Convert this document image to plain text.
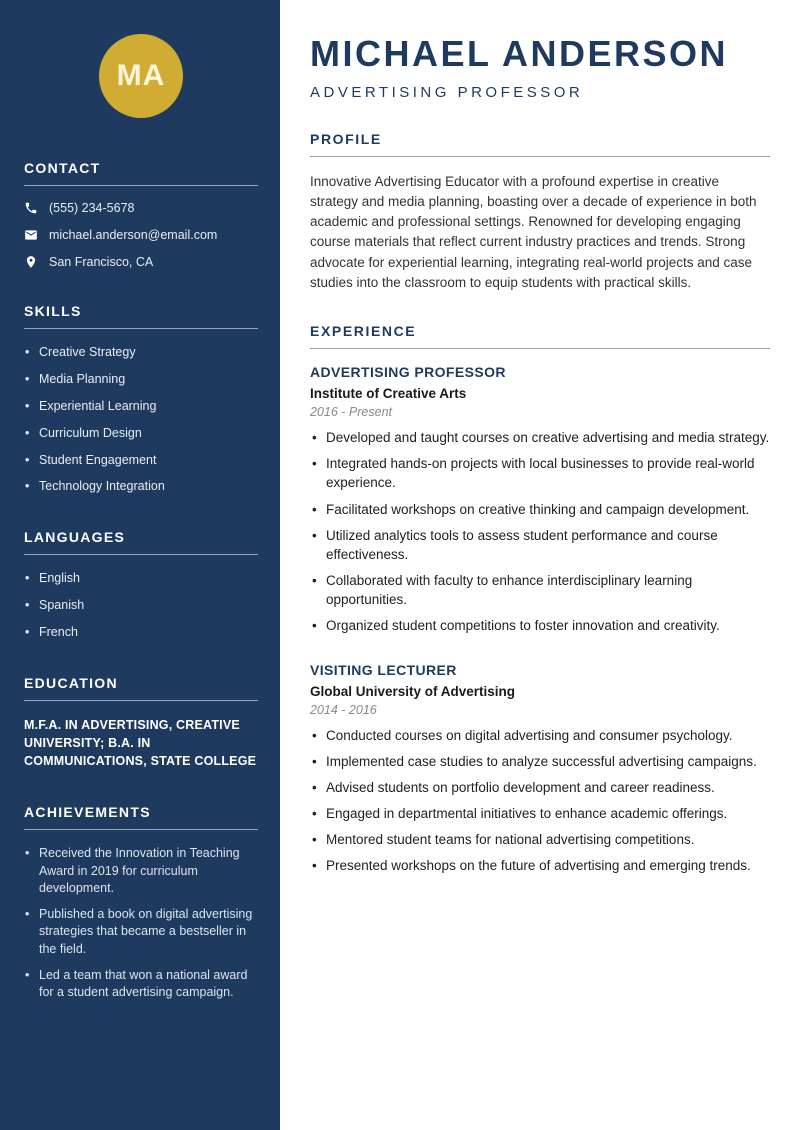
MA
CONTACT
(555) 234-5678
michael.anderson@email.com
San Francisco, CA
SKILLS
• Creative Strategy
• Media Planning
• Experiential Learning
• Curriculum Design
• Student Engagement
• Technology Integration
LANGUAGES
• English
• Spanish
• French
EDUCATION
M.F.A. IN ADVERTISING, CREATIVE UNIVERSITY; B.A. IN COMMUNICATIONS, STATE COLLEGE
ACHIEVEMENTS
• Received the Innovation in Teaching Award in 2019 for curriculum development.
• Published a book on digital advertising strategies that became a bestseller in the field.
• Led a team that won a national award for a student advertising campaign.
MICHAEL ANDERSON
ADVERTISING PROFESSOR
PROFILE

Innovative Advertising Educator with a profound expertise in creative strategy and media planning, boasting over a decade of experience in both academic and professional settings. Renowned for developing engaging course materials that reflect current industry practices and trends. Strong advocate for experiential learning, integrating real-world projects and case studies into the classroom to equip students with practical skills.

EXPERIENCE
ADVERTISING PROFESSOR
Institute of Creative Arts
2016 - Present
• Developed and taught courses on creative advertising and media strategy.
• Integrated hands-on projects with local businesses to provide real-world experience.
• Facilitated workshops on creative thinking and campaign development.
• Utilized analytics tools to assess student performance and course effectiveness.
• Collaborated with faculty to enhance interdisciplinary learning opportunities.
• Organized student competitions to foster innovation and creativity.
VISITING LECTURER
Global University of Advertising
2014 - 2016
• Conducted courses on digital advertising and consumer psychology.
• Implemented case studies to analyze successful advertising campaigns.
• Advised students on portfolio development and career readiness.
• Engaged in departmental initiatives to enhance academic offerings.
• Mentored student teams for national advertising competitions.
• Presented workshops on the future of advertising and emerging trends.
